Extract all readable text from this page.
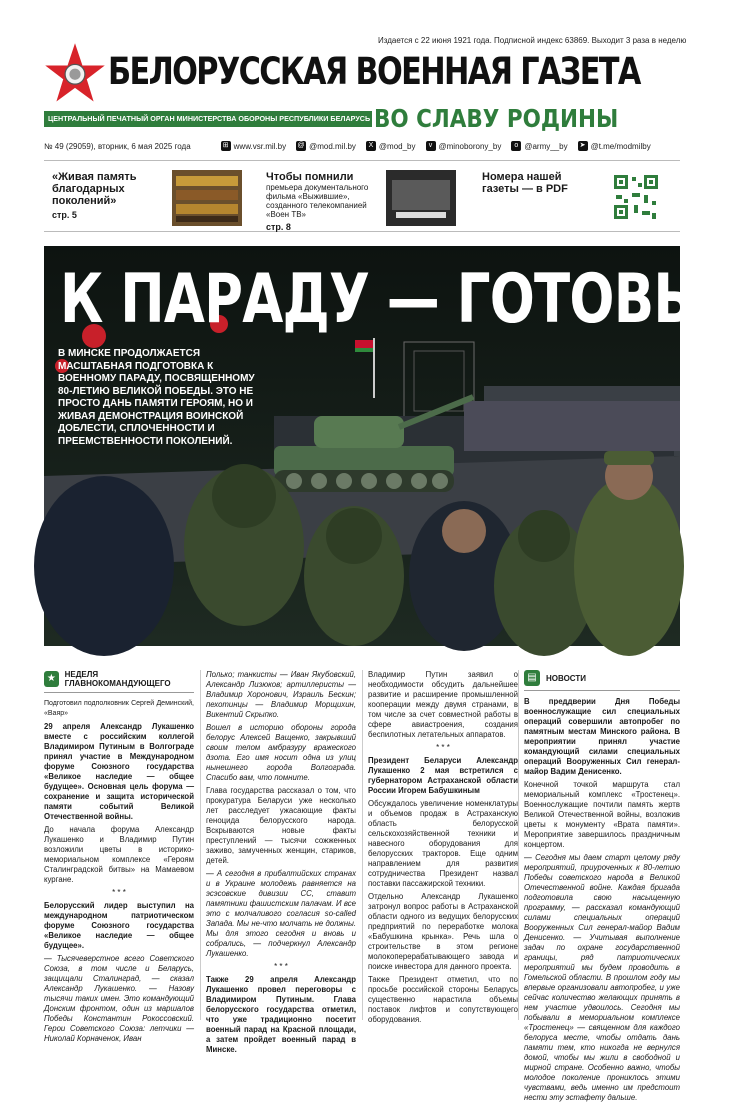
Издается с 22 июня 1921 года. Подписной индекс 63869. Выходит 3 раза в неделю
БЕЛОРУССКАЯ ВОЕННАЯ ГАЗЕТА
ЦЕНТРАЛЬНЫЙ ПЕЧАТНЫЙ ОРГАН МИНИСТЕРСТВА ОБОРОНЫ РЕСПУБЛИКИ БЕЛАРУСЬ ВО СЛАВУ РОДИНЫ
№ 49 (29059), вторник, 6 мая 2025 года	⊞ www.vsr.mil.by @ @mod.mil.by	X @mod_by	v @minoborony_by	o @army__by ➤ @t.me/modmilby
«Живая память благодарных поколений»
стр. 5
Чтобы помнили
премьера документального фильма «Выжившие», созданного телекомпанией «Воен ТВ»
стр. 8
Номера нашей газеты — в PDF
К ПАРАДУ — ГОТОВЫ!
В МИНСКЕ ПРОДОЛЖАЕТСЯ МАСШТАБНАЯ ПОДГОТОВКА К ВОЕННОМУ ПАРАДУ, ПОСВЯЩЕННОМУ 80-ЛЕТИЮ ВЕЛИКОЙ ПОБЕДЫ. ЭТО НЕ ПРОСТО ДАНЬ ПАМЯТИ ГЕРОЯМ, НО И ЖИВАЯ ДЕМОНСТРАЦИЯ ВОИНСКОЙ ДОБЛЕСТИ, СПЛОЧЕННОСТИ И ПРЕЕМСТВЕННОСТИ ПОКОЛЕНИЙ.
★	НЕДЕЛЯ ГЛАВНОКОМАНДУЮЩЕГО

Подготовил подполковник Сергей Деминский, «Ваяр»

29 апреля Александр Лукашенко вместе с российским коллегой Владимиром Путиным в Волгограде принял участие в Международном форуме Союзного государства «Великое наследие — общее будущее». Основная цель форума — сохранение и защита исторической памяти событий Великой Отечественной войны.

До начала форума Александр Лукашенко и Владимир Путин возложили цветы в историко-мемориальном комплексе «Героям Сталинградской битвы» на Мамаевом кургане.

* * *

Белорусский лидер выступил на международном патриотическом форуме Союзного государства «Великое наследие — общее будущее».

— Тысячеверстное всего Советского Союза, в том числе и Беларусь, защищали Сталинград, — сказал Александр Лукашенко. — Назову тысячи таких имен. Это командующий Донским фронтом, один из маршалов Победы Константин Рокоссовский. Герои Советского Союза: летчики — Николай Корначенок, Иван

Полько; танкисты — Иван Якубовский, Александр Лизюков; артиллеристы — Владимир Хоронович, Израиль Бескин; пехотинцы — Владимир Морщихин, Викентий Скрыпко.

Вошел в историю обороны города белорус Алексей Ващенко, закрывший своим телом амбразуру вражеского дзота. Его имя носит одна из улиц нынешнего города Волгограда. Спасибо вам, что помните.

Глава государства рассказал о том, что прокуратура Беларуси уже несколько лет расследует ужасающие факты геноцида белорусского народа. Вскрываются новые факты преступлений — тысячи сожженных заживо, замученных женщин, стариков, детей.

— А сегодня в прибалтийских странах и в Украине молодежь равняется на эсэсовские дивизии СС, ставит памятники фашистским палачам. И все это с молчаливого согласия so-called Запада. Мы не-что молчать не должны. Мы для этого сегодня и вновь и собрались, — подчеркнул Александр Лукашенко.

* * *

Также 29 апреля Александр Лукашенко провел переговоры с Владимиром Путиным. Глава белорусского государства отметил, что уже традиционно посетит военный парад на Красной площади, а затем пройдет военный парад в Минске.

Владимир Путин заявил о необходимости обсудить дальнейшее развитие и расширение промышленной кооперации между двумя странами, в том числе за счет совместной работы в сфере авиастроения, создания беспилотных летательных аппаратов.

* * *

Президент Беларуси Александр Лукашенко 2 мая встретился с губернатором Астраханской области России Игорем Бабушкиным

Обсуждалось увеличение номенклатуры и объемов продаж в Астраханскую область белорусской сельскохозяйственной техники и навесного оборудования для белорусских тракторов. Еще одним направлением для развития сотрудничества Президент назвал поставки пассажирской техники.

Отдельно Александр Лукашенко затронул вопрос работы в Астраханской области одного из ведущих белорусских предприятий по переработке молока «Бабушкина крынка». Речь шла о строительстве в этом регионе молокоперерабатывающего завода и поиске инвестора для данного проекта.

Также Президент отметил, что по просьбе российской стороны Беларусь существенно нарастила объемы поставок лифтов и сопутствующего оборудования.

▤	НОВОСТИ

В преддверии Дня Победы военнослужащие сил специальных операций совершили автопробег по памятным местам Минского района. В мероприятии принял участие командующий силами специальных операций Вооруженных Сил генерал-майор Вадим Денисенко.

Конечной точкой маршрута стал мемориальный комплекс «Тростенец». Военнослужащие почтили память жертв Великой Отечественной войны, возложив цветы к монументу «Врата памяти». Мероприятие завершилось праздничным концертом.

— Сегодня мы даем старт целому ряду мероприятий, приуроченных к 80-летию Победы советского народа в Великой Отечественной войне. Каждая бригада подготовила свою насыщенную программу, — рассказал командующий силами специальных операций Вооруженных Сил генерал-майор Вадим Денисенко. — Учитывая выполнение задач по охране государственной границы, ряд патриотических мероприятий мы будем проводить в Гомельской области. В прошлом году мы впервые организовали автопробег, и уже сейчас количество желающих принять в нем участие удвоилось. Сегодня мы побывали в мемориальном комплексе «Тростенец» — священном для каждого белоруса месте, чтобы отдать дань памяти тем, кто никогда не вернулся домой, чтобы мы жили в свободной и мирной стране. Особенно важно, чтобы молодое поколение прониклось этими чувствами, ведь именно им предстоит нести эту эстафету дальше.
